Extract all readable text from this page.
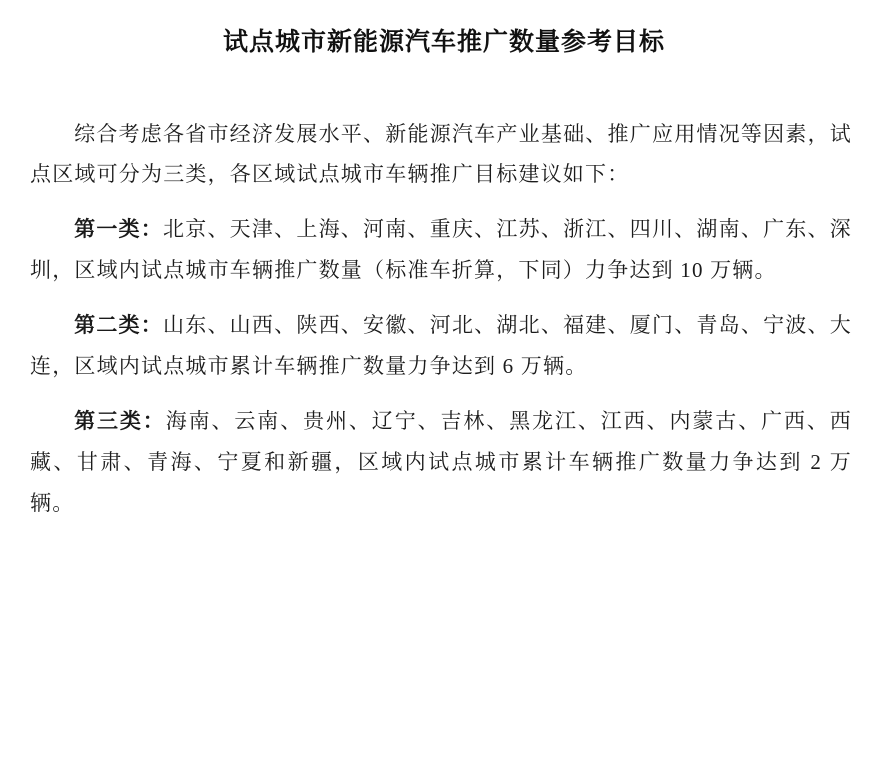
试点城市新能源汽车推广数量参考目标

综合考虑各省市经济发展水平、新能源汽车产业基础、推广应用情况等因素，试点区域可分为三类，各区域试点城市车辆推广目标建议如下：

第一类：北京、天津、上海、河南、重庆、江苏、浙江、四川、湖南、广东、深圳，区域内试点城市车辆推广数量（标准车折算，下同）力争达到 10 万辆。

第二类：山东、山西、陕西、安徽、河北、湖北、福建、厦门、青岛、宁波、大连，区域内试点城市累计车辆推广数量力争达到 6 万辆。

第三类：海南、云南、贵州、辽宁、吉林、黑龙江、江西、内蒙古、广西、西藏、甘肃、青海、宁夏和新疆，区域内试点城市累计车辆推广数量力争达到 2 万辆。
